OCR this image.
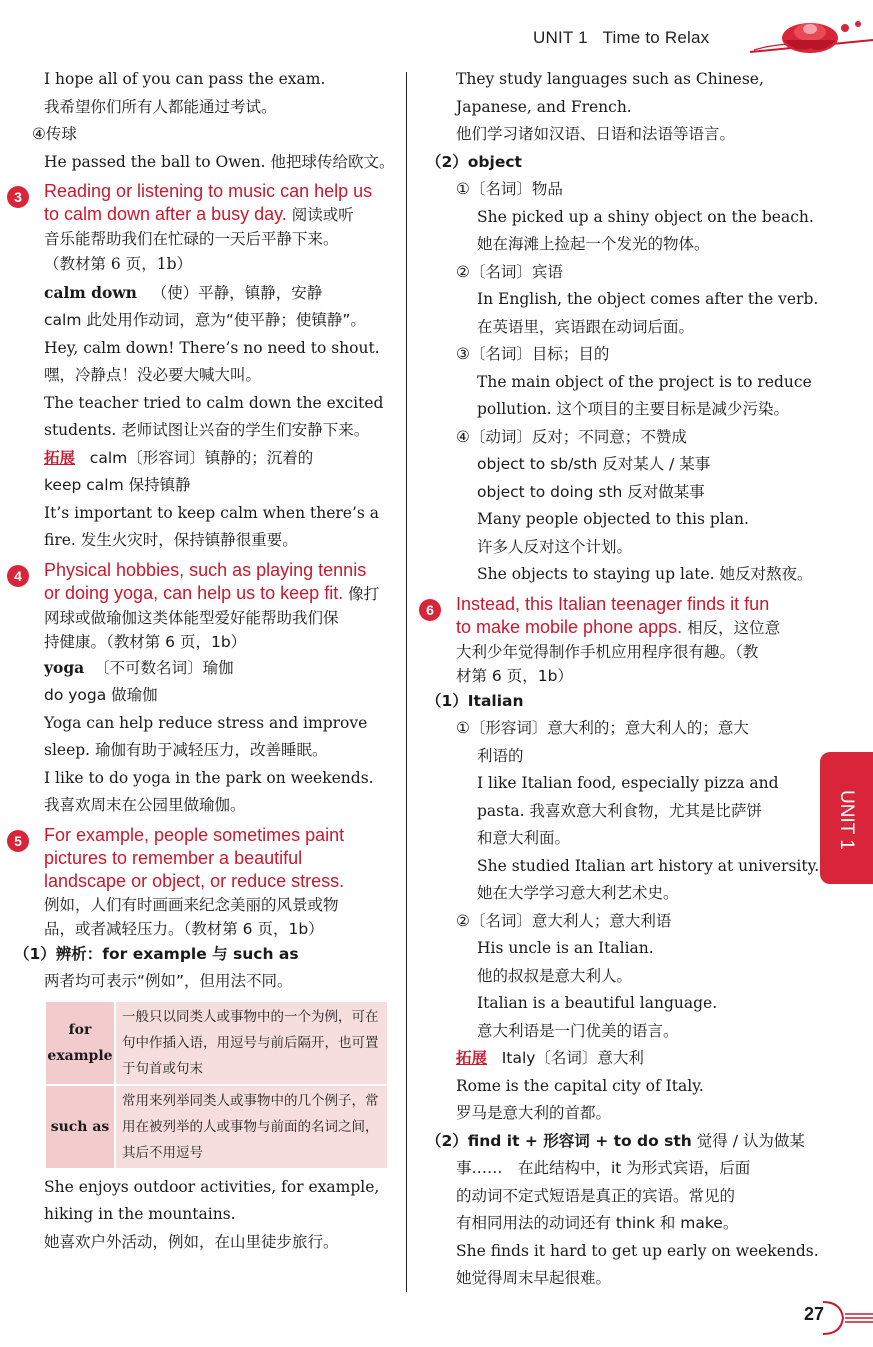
UNIT 1 Time to Relax
I hope all of you can pass the exam.
我希望你们所有人都能通过考试。
④传球
He passed the ball to Owen. 他把球传给欧文。
3	Reading or listening to music can help us
to calm down after a busy day. 阅读或听
音乐能帮助我们在忙碌的一天后平静下来。
（教材第 6 页，1b）
calm down （使）平静，镇静，安静
calm 此处用作动词，意为“使平静；使镇静”。
Hey, calm down! There’s no need to shout.
嘿，冷静点！没必要大喊大叫。
The teacher tried to calm down the excited
students. 老师试图让兴奋的学生们安静下来。
拓展 calm〔形容词〕镇静的；沉着的
keep calm 保持镇静
It’s important to keep calm when there’s a
fire. 发生火灾时，保持镇静很重要。
4	Physical hobbies, such as playing tennis
or doing yoga, can help us to keep fit. 像打
网球或做瑜伽这类体能型爱好能帮助我们保
持健康。（教材第 6 页，1b）
yoga 〔不可数名词〕瑜伽
do yoga 做瑜伽
Yoga can help reduce stress and improve
sleep. 瑜伽有助于减轻压力，改善睡眠。
I like to do yoga in the park on weekends.
我喜欢周末在公园里做瑜伽。
5	For example, people sometimes paint
pictures to remember a beautiful
landscape or object, or reduce stress.
例如，人们有时画画来纪念美丽的风景或物
品，或者减轻压力。（教材第 6 页，1b）
（1）辨析：for example 与 such as
两者均可表示“例如”，但用法不同。
for example	一般只以同类人或事物中的一个为例，可在句中作插入语，用逗号与前后隔开，也可置于句首或句末
such as	常用来列举同类人或事物中的几个例子，常用在被列举的人或事物与前面的名词之间，其后不用逗号
She enjoys outdoor activities, for example,
hiking in the mountains.
她喜欢户外活动，例如，在山里徒步旅行。
They study languages such as Chinese,
Japanese, and French.
他们学习诸如汉语、日语和法语等语言。
（2）object
①〔名词〕物品
She picked up a shiny object on the beach.
她在海滩上捡起一个发光的物体。
②〔名词〕宾语
In English, the object comes after the verb.
在英语里，宾语跟在动词后面。
③〔名词〕目标；目的
The main object of the project is to reduce
pollution. 这个项目的主要目标是减少污染。
④〔动词〕反对；不同意；不赞成
object to sb/sth 反对某人 / 某事
object to doing sth 反对做某事
Many people objected to this plan.
许多人反对这个计划。
She objects to staying up late. 她反对熬夜。
6	Instead, this Italian teenager finds it fun
to make mobile phone apps. 相反，这位意
大利少年觉得制作手机应用程序很有趣。（教
材第 6 页，1b）
（1）Italian
①〔形容词〕意大利的；意大利人的；意大
利语的
I like Italian food, especially pizza and
pasta. 我喜欢意大利食物，尤其是比萨饼
和意大利面。
She studied Italian art history at university.
她在大学学习意大利艺术史。
②〔名词〕意大利人；意大利语
His uncle is an Italian.
他的叔叔是意大利人。
Italian is a beautiful language.
意大利语是一门优美的语言。
拓展 Italy〔名词〕意大利
Rome is the capital city of Italy.
罗马是意大利的首都。
（2）find it + 形容词 + to do sth 觉得 / 认为做某
事……　在此结构中，it 为形式宾语，后面
的动词不定式短语是真正的宾语。常见的
有相同用法的动词还有 think 和 make。
She finds it hard to get up early on weekends.
她觉得周末早起很难。
UNIT 1
27
